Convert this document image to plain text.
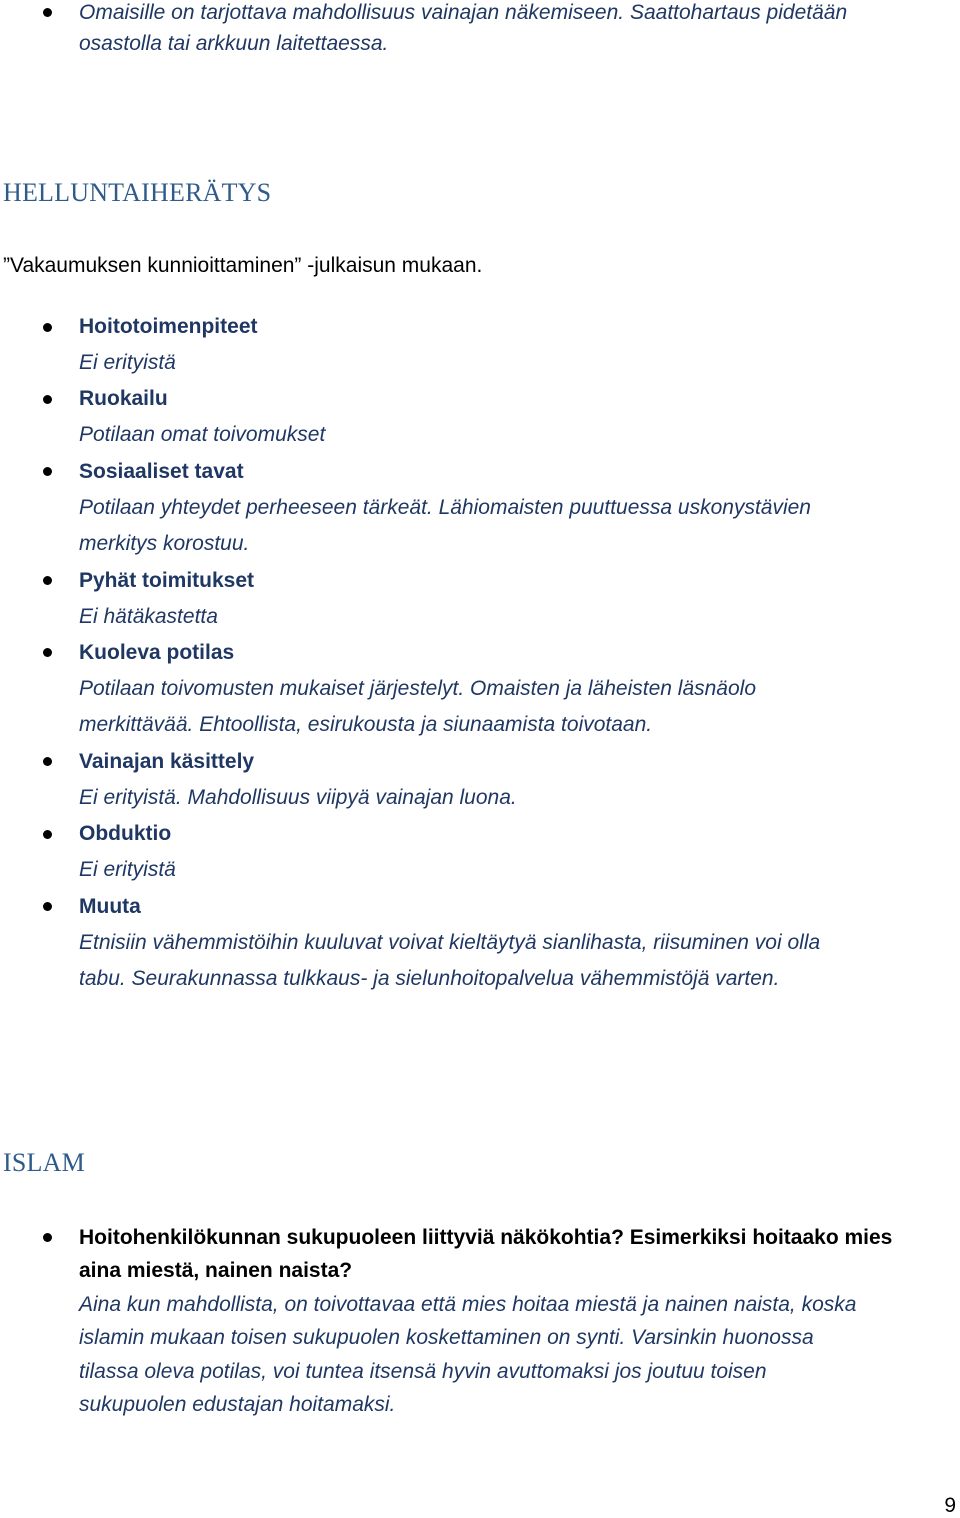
Omaisille on tarjottava mahdollisuus vainajan näkemiseen. Saattohartaus pidetään
osastolla tai arkkuun laitettaessa.
HELLUNTAIHERÄTYS
”Vakaumuksen kunnioittaminen” -julkaisun mukaan.
Hoitotoimenpiteet
Ei erityistä
Ruokailu
Potilaan omat toivomukset
Sosiaaliset tavat
Potilaan yhteydet perheeseen tärkeät. Lähiomaisten puuttuessa uskonystävien
merkitys korostuu.
Pyhät toimitukset
Ei hätäkastetta
Kuoleva potilas
Potilaan toivomusten mukaiset järjestelyt. Omaisten ja läheisten läsnäolo
merkittävää. Ehtoollista, esirukousta ja siunaamista toivotaan.
Vainajan käsittely
Ei erityistä. Mahdollisuus viipyä vainajan luona.
Obduktio
Ei erityistä
Muuta
Etnisiin vähemmistöihin kuuluvat voivat kieltäytyä sianlihasta, riisuminen voi olla
tabu. Seurakunnassa tulkkaus- ja sielunhoitopalvelua vähemmistöjä varten.
ISLAM
Hoitohenkilökunnan sukupuoleen liittyviä näkökohtia? Esimerkiksi hoitaako mies
aina miestä, nainen naista?
Aina kun mahdollista, on toivottavaa että mies hoitaa miestä ja nainen naista, koska
islamin mukaan toisen sukupuolen koskettaminen on synti. Varsinkin huonossa
tilassa oleva potilas, voi tuntea itsensä hyvin avuttomaksi jos joutuu toisen
sukupuolen edustajan hoitamaksi.
9
